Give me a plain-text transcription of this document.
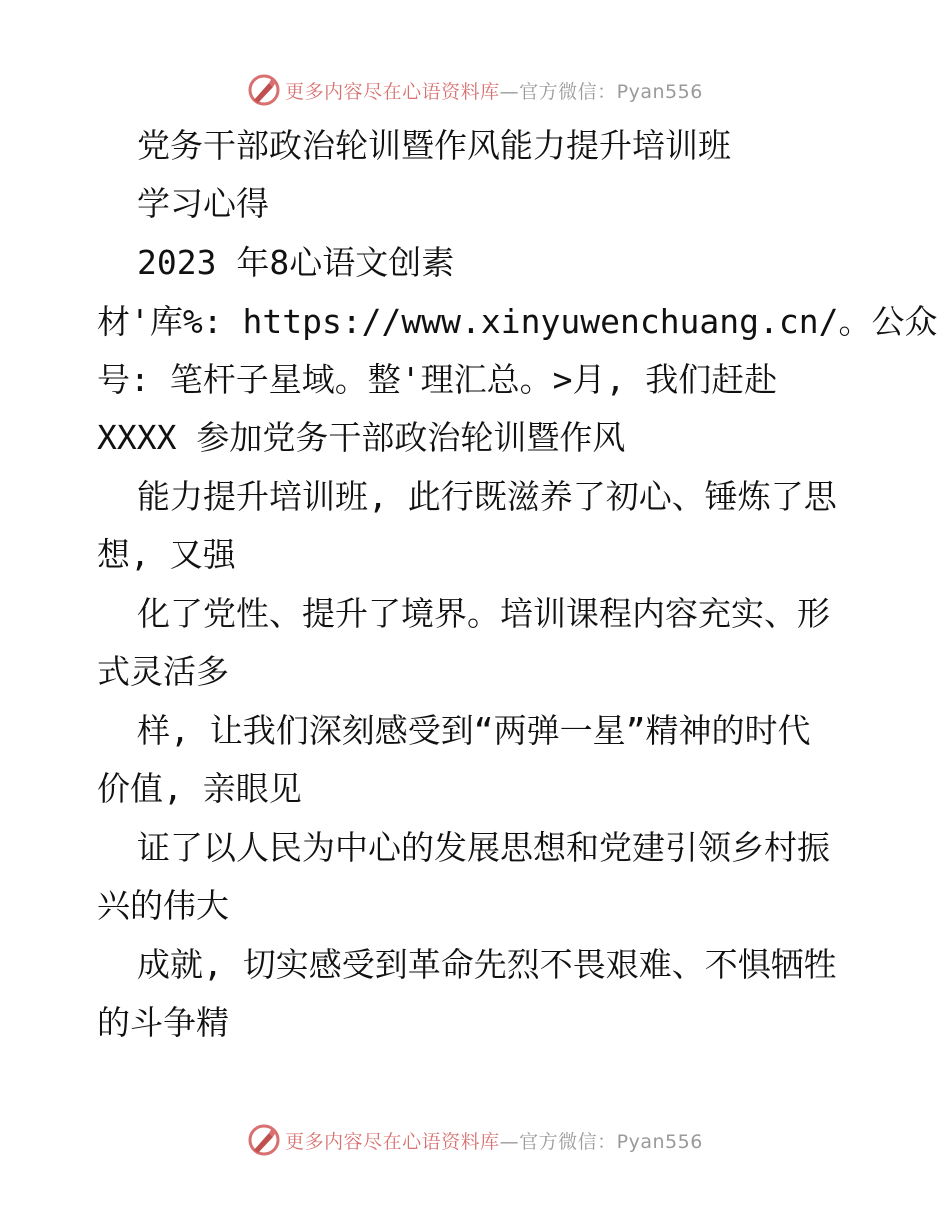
更多内容尽在心语资料库—官方微信：Pyan556
党务干部政治轮训暨作风能力提升培训班
学习心得
2023 年8心语文创素
材'库%: https://www.xinyuwenchuang.cn/。公众
号: 笔杆子星域。整'理汇总。>月, 我们赶赴
XXXX 参加党务干部政治轮训暨作风
能力提升培训班, 此行既滋养了初心、锤炼了思
想, 又强
化了党性、提升了境界。培训课程内容充实、形
式灵活多
样, 让我们深刻感受到“两弹一星”精神的时代
价值, 亲眼见
证了以人民为中心的发展思想和党建引领乡村振
兴的伟大
成就, 切实感受到革命先烈不畏艰难、不惧牺牲
的斗争精
更多内容尽在心语资料库—官方微信：Pyan556
